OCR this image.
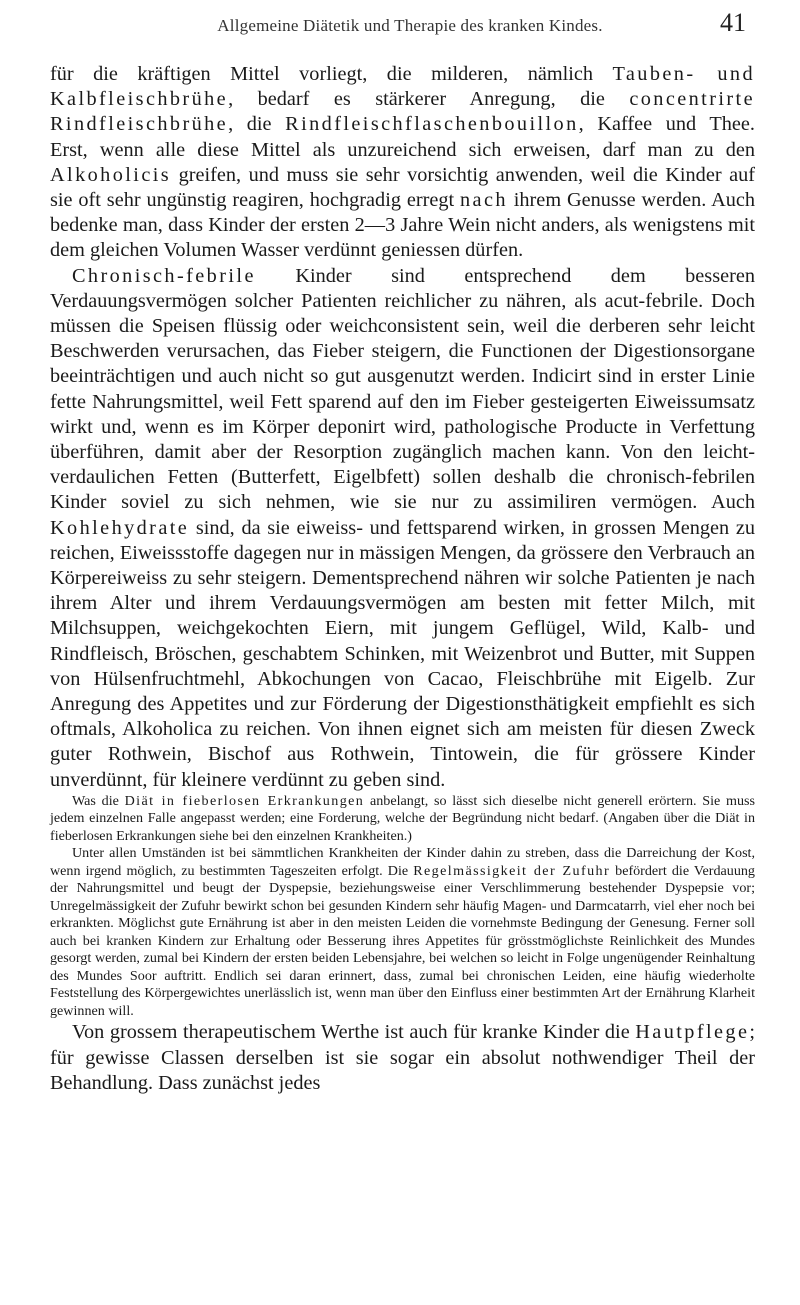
Allgemeine Diätetik und Therapie des kranken Kindes.	41

für die kräftigen Mittel vorliegt, die milderen, nämlich Tauben- und Kalbfleischbrühe, bedarf es stärkerer Anregung, die concentrirte Rindfleischbrühe, die Rindfleischflaschenbouillon, Kaffee und Thee. Erst, wenn alle diese Mittel als unzureichend sich erweisen, darf man zu den Alkoholicis greifen, und muss sie sehr vorsichtig anwenden, weil die Kinder auf sie oft sehr ungünstig reagiren, hochgradig erregt nach ihrem Genusse werden. Auch bedenke man, dass Kinder der ersten 2—3 Jahre Wein nicht anders, als wenigstens mit dem gleichen Volumen Wasser verdünnt geniessen dürfen.

Chronisch-febrile Kinder sind entsprechend dem besseren Verdauungsvermögen solcher Patienten reichlicher zu nähren, als acut-febrile. Doch müssen die Speisen flüssig oder weichconsistent sein, weil die derberen sehr leicht Beschwerden verursachen, das Fieber steigern, die Functionen der Digestionsorgane beeinträchtigen und auch nicht so gut ausgenutzt werden. Indicirt sind in erster Linie fette Nahrungsmittel, weil Fett sparend auf den im Fieber gesteigerten Eiweissumsatz wirkt und, wenn es im Körper deponirt wird, pathologische Producte in Verfettung überführen, damit aber der Resorption zugänglich machen kann. Von den leicht-verdaulichen Fetten (Butterfett, Eigelbfett) sollen deshalb die chronisch-febrilen Kinder soviel zu sich nehmen, wie sie nur zu assimiliren vermögen. Auch Kohlehydrate sind, da sie eiweiss- und fettsparend wirken, in grossen Mengen zu reichen, Eiweissstoffe dagegen nur in mässigen Mengen, da grössere den Verbrauch an Körpereiweiss zu sehr steigern. Dementsprechend nähren wir solche Patienten je nach ihrem Alter und ihrem Verdauungsvermögen am besten mit fetter Milch, mit Milchsuppen, weichgekochten Eiern, mit jungem Geflügel, Wild, Kalb- und Rindfleisch, Bröschen, geschabtem Schinken, mit Weizenbrot und Butter, mit Suppen von Hülsenfruchtmehl, Abkochungen von Cacao, Fleischbrühe mit Eigelb. Zur Anregung des Appetites und zur Förderung der Digestionsthätigkeit empfiehlt es sich oftmals, Alkoholica zu reichen. Von ihnen eignet sich am meisten für diesen Zweck guter Rothwein, Bischof aus Rothwein, Tintowein, die für grössere Kinder unverdünnt, für kleinere verdünnt zu geben sind.

Was die Diät in fieberlosen Erkrankungen anbelangt, so lässt sich dieselbe nicht generell erörtern. Sie muss jedem einzelnen Falle angepasst werden; eine Forderung, welche der Begründung nicht bedarf. (Angaben über die Diät in fieberlosen Erkrankungen siehe bei den einzelnen Krankheiten.)

Unter allen Umständen ist bei sämmtlichen Krankheiten der Kinder dahin zu streben, dass die Darreichung der Kost, wenn irgend möglich, zu bestimmten Tageszeiten erfolgt. Die Regelmässigkeit der Zufuhr befördert die Verdauung der Nahrungsmittel und beugt der Dyspepsie, beziehungsweise einer Verschlimmerung bestehender Dyspepsie vor; Unregelmässigkeit der Zufuhr bewirkt schon bei gesunden Kindern sehr häufig Magen- und Darmcatarrh, viel eher noch bei erkrankten. Möglichst gute Ernährung ist aber in den meisten Leiden die vornehmste Bedingung der Genesung. Ferner soll auch bei kranken Kindern zur Erhaltung oder Besserung ihres Appetites für grösstmöglichste Reinlichkeit des Mundes gesorgt werden, zumal bei Kindern der ersten beiden Lebensjahre, bei welchen so leicht in Folge ungenügender Reinhaltung des Mundes Soor auftritt. Endlich sei daran erinnert, dass, zumal bei chronischen Leiden, eine häufig wiederholte Feststellung des Körpergewichtes unerlässlich ist, wenn man über den Einfluss einer bestimmten Art der Ernährung Klarheit gewinnen will.

Von grossem therapeutischem Werthe ist auch für kranke Kinder die Hautpflege; für gewisse Classen derselben ist sie sogar ein absolut nothwendiger Theil der Behandlung. Dass zunächst jedes
